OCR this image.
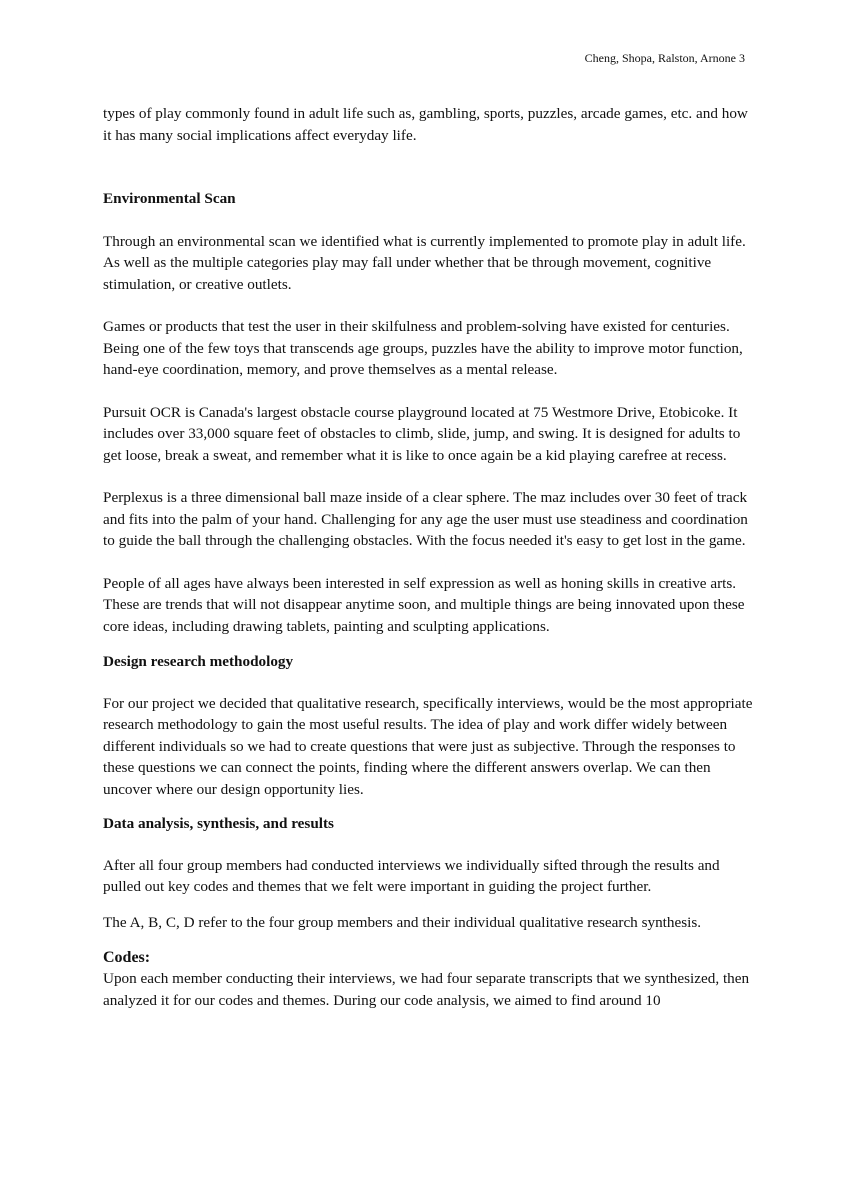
Cheng, Shopa, Ralston, Arnone 3

types of play commonly found in adult life such as, gambling, sports, puzzles, arcade games, etc. and how it has many social implications affect everyday life.

Environmental Scan

Through an environmental scan we identified what is currently implemented to promote play in adult life. As well as the multiple categories play may fall under whether that be through movement, cognitive stimulation, or creative outlets.

Games or products that test the user in their skilfulness and problem-solving have existed for centuries. Being one of the few toys that transcends age groups, puzzles have the ability to improve motor function, hand-eye coordination, memory, and prove themselves as a mental release.

Pursuit OCR is Canada's largest obstacle course playground located at 75 Westmore Drive, Etobicoke. It includes over 33,000 square feet of obstacles to climb, slide, jump, and swing. It is designed for adults to get loose, break a sweat, and remember what it is like to once again be a kid playing carefree at recess.

Perplexus is a three dimensional ball maze inside of a clear sphere. The maz includes over 30 feet of track and fits into the palm of your hand. Challenging for any age the user must use steadiness and coordination to guide the ball through the challenging obstacles. With the focus needed it's easy to get lost in the game.

People of all ages have always been interested in self expression as well as honing skills in creative arts. These are trends that will not disappear anytime soon, and multiple things are being innovated upon these core ideas, including drawing tablets, painting and sculpting applications.

Design research methodology

For our project we decided that qualitative research, specifically interviews, would be the most appropriate research methodology to gain the most useful results. The idea of play and work differ widely between different individuals so we had to create questions that were just as subjective. Through the responses to these questions we can connect the points, finding where the different answers overlap. We can then uncover where our design opportunity lies.

Data analysis, synthesis, and results

After all four group members had conducted interviews we individually sifted through the results and pulled out key codes and themes that we felt were important in guiding the project further.

The A, B, C, D refer to the four group members and their individual qualitative research synthesis.

Codes:

Upon each member conducting their interviews, we had four separate transcripts that we synthesized, then analyzed it for our codes and themes. During our code analysis, we aimed to find around 10
